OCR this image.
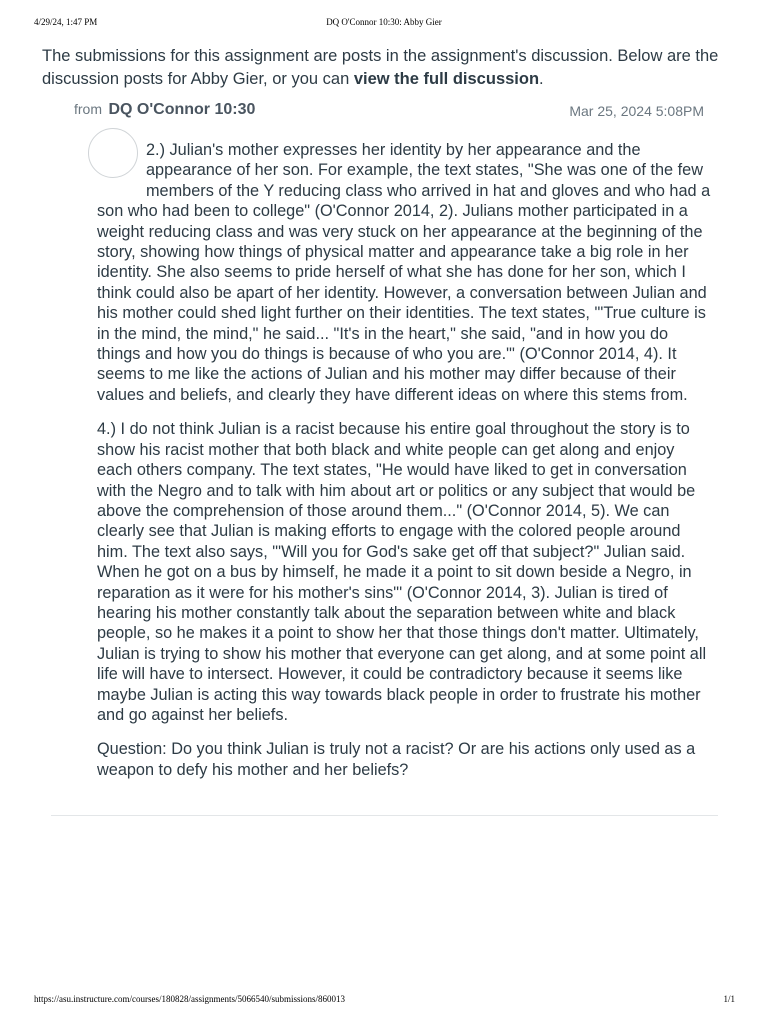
4/29/24, 1:47 PM	DQ O'Connor 10:30: Abby Gier
The submissions for this assignment are posts in the assignment's discussion. Below are the discussion posts for Abby Gier, or you can view the full discussion.
from DQ O'Connor 10:30	Mar 25, 2024 5:08PM

2.) Julian's mother expresses her identity by her appearance and the appearance of her son. For example, the text states, "She was one of the few members of the Y reducing class who arrived in hat and gloves and who had a son who had been to college" (O'Connor 2014, 2). Julians mother participated in a weight reducing class and was very stuck on her appearance at the beginning of the story, showing how things of physical matter and appearance take a big role in her identity. She also seems to pride herself of what she has done for her son, which I think could also be apart of her identity. However, a conversation between Julian and his mother could shed light further on their identities. The text states, "'True culture is in the mind, the mind," he said... "It's in the heart," she said, "and in how you do things and how you do things is because of who you are."' (O'Connor 2014, 4). It seems to me like the actions of Julian and his mother may differ because of their values and beliefs, and clearly they have different ideas on where this stems from.

4.) I do not think Julian is a racist because his entire goal throughout the story is to show his racist mother that both black and white people can get along and enjoy each others company. The text states, "He would have liked to get in conversation with the Negro and to talk with him about art or politics or any subject that would be above the comprehension of those around them..." (O'Connor 2014, 5). We can clearly see that Julian is making efforts to engage with the colored people around him. The text also says, "'Will you for God's sake get off that subject?" Julian said. When he got on a bus by himself, he made it a point to sit down beside a Negro, in reparation as it were for his mother's sins"' (O'Connor 2014, 3). Julian is tired of hearing his mother constantly talk about the separation between white and black people, so he makes it a point to show her that those things don't matter. Ultimately, Julian is trying to show his mother that everyone can get along, and at some point all life will have to intersect. However, it could be contradictory because it seems like maybe Julian is acting this way towards black people in order to frustrate his mother and go against her beliefs.

Question: Do you think Julian is truly not a racist? Or are his actions only used as a weapon to defy his mother and her beliefs?

https://asu.instructure.com/courses/180828/assignments/5066540/submissions/860013	1/1
